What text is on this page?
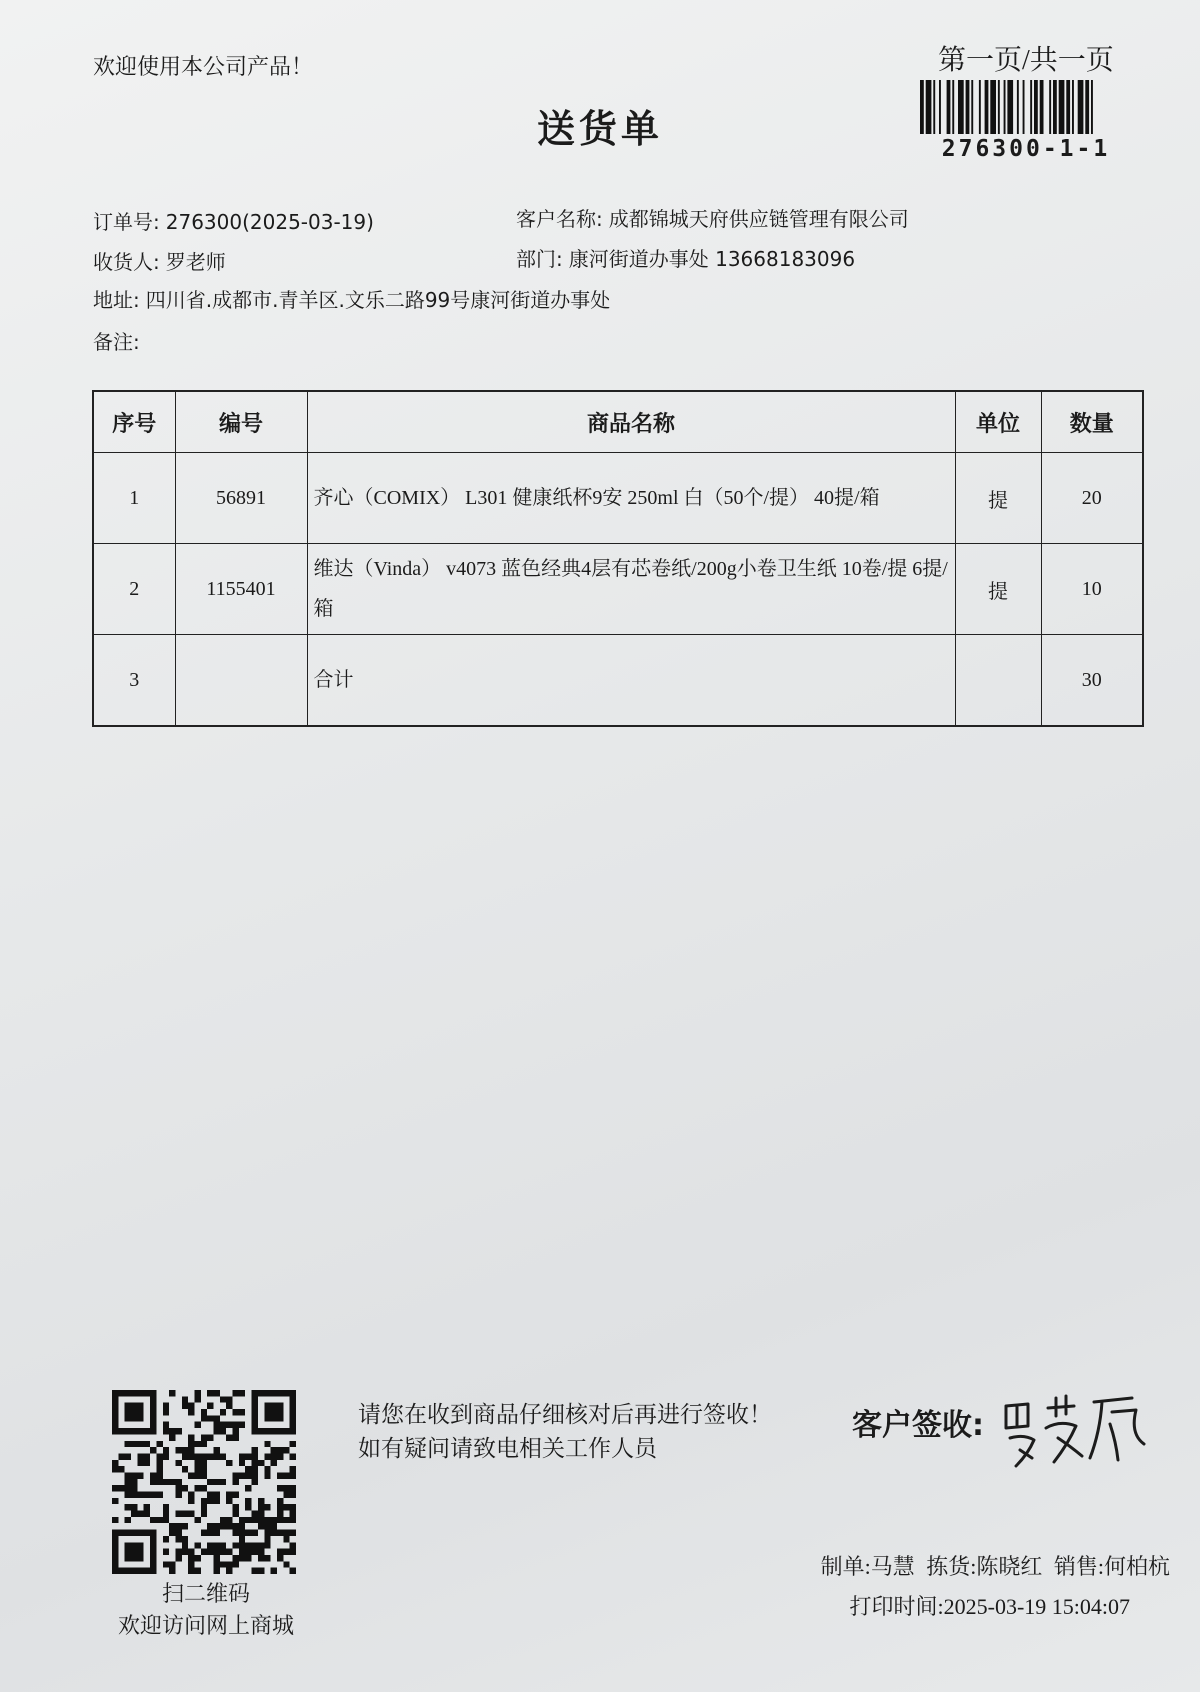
欢迎使用本公司产品！
送货单
第一页/共一页
276300-1-1
订单号: 276300(2025-03-19)	客户名称: 成都锦城天府供应链管理有限公司
收货人: 罗老师	部门: 康河街道办事处 13668183096
地址: 四川省.成都市.青羊区.文乐二路99号康河街道办事处
备注:
序号	编号	商品名称	单位	数量
1	56891	齐心（COMIX） L301 健康纸杯9安 250ml 白（50个/提） 40提/箱	提	20
2	1155401	维达（Vinda） v4073 蓝色经典4层有芯卷纸/200g小卷卫生纸 10卷/提 6提/箱	提	10
3		合计		30
扫二维码
欢迎访问网上商城
请您在收到商品仔细核对后再进行签收！如有疑问请致电相关工作人员
客户签收:
制单:马慧 拣货:陈晓红 销售:何柏杭
打印时间:2025-03-19 15:04:07
